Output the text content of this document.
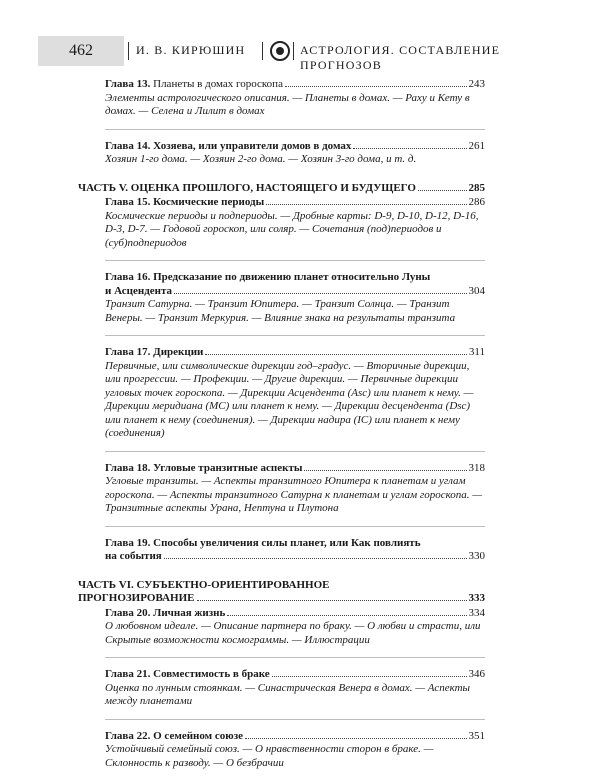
462	И. В. КИРЮШИН	АСТРОЛОГИЯ. СОСТАВЛЕНИЕ ПРОГНОЗОВ
Глава 13. Планеты в домах гороскопа	243
Элементы астрологического описания. — Планеты в домах. — Раху и Кету в домах. — Селена и Лилит в домах
Глава 14. Хозяева, или управители домов в домах	261
Хозяин 1-го дома. — Хозяин 2-го дома. — Хозяин 3-го дома, и т. д.
ЧАСТЬ V. ОЦЕНКА ПРОШЛОГО, НАСТОЯЩЕГО И БУДУЩЕГО	285
Глава 15. Космические периоды	286
Космические периоды и подпериоды. — Дробные карты: D-9, D-10, D-12, D-16, D-3, D-7. — Годовой гороскоп, или соляр. — Сочетания (под)периодов и (суб)подпериодов
Глава 16. Предсказание по движению планет относительно Луны
и Асцендента	304
Транзит Сатурна. — Транзит Юпитера. — Транзит Солнца. — Транзит Венеры. — Транзит Меркурия. — Влияние знака на результаты транзита
Глава 17. Дирекции	311
Первичные, или символические дирекции год–градус. — Вторичные дирекции, или прогрессии. — Профекции. — Другие дирекции. — Первичные дирекции угловых точек гороскопа. — Дирекции Асцендента (Asc) или планет к нему. — Дирекции меридиана (MC) или планет к нему. — Дирекции десцендента (Dsc) или планет к нему (соединения). — Дирекции надира (IC) или планет к нему (соединения)
Глава 18. Угловые транзитные аспекты	318
Угловые транзиты. — Аспекты транзитного Юпитера к планетам и углам гороскопа. — Аспекты транзитного Сатурна к планетам и углам гороскопа. — Транзитные аспекты Урана, Нептуна и Плутона
Глава 19. Способы увеличения силы планет, или Как повлиять
на события	330
ЧАСТЬ VI. СУБЪЕКТНО-ОРИЕНТИРОВАННОЕ
ПРОГНОЗИРОВАНИЕ	333
Глава 20. Личная жизнь	334
О любовном идеале. — Описание партнера по браку. — О любви и страсти, или Скрытые возможности космограммы. — Иллюстрации
Глава 21. Совместимость в браке	346
Оценка по лунным стоянкам. — Синастрическая Венера в домах. — Аспекты между планетами
Глава 22. О семейном союзе	351
Устойчивый семейный союз. — О нравственности сторон в браке. — Склонность к разводу. — О безбрачии
